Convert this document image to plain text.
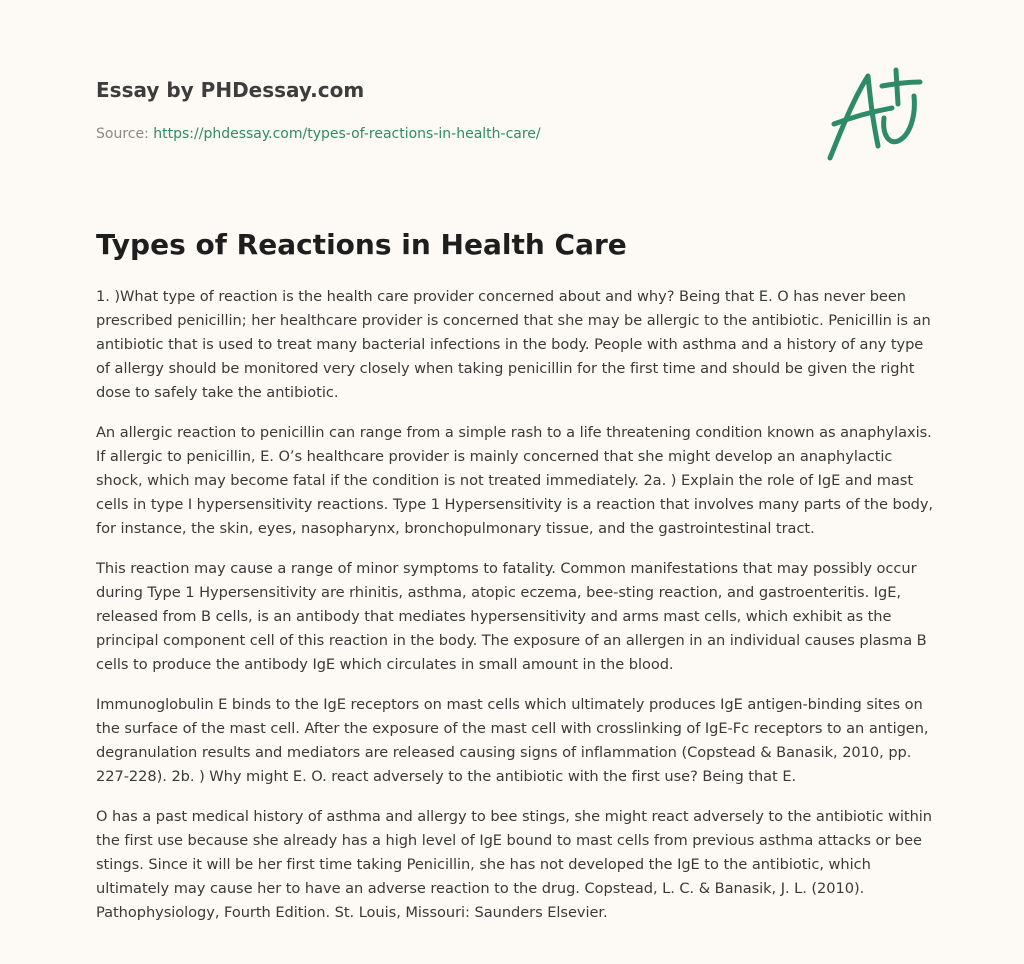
Essay by PHDessay.com
Source: https://phdessay.com/types-of-reactions-in-health-care/
Types of Reactions in Health Care

1. )What type of reaction is the health care provider concerned about and why? Being that E. O has never been prescribed penicillin; her healthcare provider is concerned that she may be allergic to the antibiotic. Penicillin is an antibiotic that is used to treat many bacterial infections in the body. People with asthma and a history of any type of allergy should be monitored very closely when taking penicillin for the first time and should be given the right dose to safely take the antibiotic.

An allergic reaction to penicillin can range from a simple rash to a life threatening condition known as anaphylaxis. If allergic to penicillin, E. O’s healthcare provider is mainly concerned that she might develop an anaphylactic shock, which may become fatal if the condition is not treated immediately. 2a. ) Explain the role of IgE and mast cells in type I hypersensitivity reactions. Type 1 Hypersensitivity is a reaction that involves many parts of the body, for instance, the skin, eyes, nasopharynx, bronchopulmonary tissue, and the gastrointestinal tract.

This reaction may cause a range of minor symptoms to fatality. Common manifestations that may possibly occur during Type 1 Hypersensitivity are rhinitis, asthma, atopic eczema, bee-sting reaction, and gastroenteritis. IgE, released from B cells, is an antibody that mediates hypersensitivity and arms mast cells, which exhibit as the principal component cell of this reaction in the body. The exposure of an allergen in an individual causes plasma B cells to produce the antibody IgE which circulates in small amount in the blood.

Immunoglobulin E binds to the IgE receptors on mast cells which ultimately produces IgE antigen-binding sites on the surface of the mast cell. After the exposure of the mast cell with crosslinking of IgE-Fc receptors to an antigen, degranulation results and mediators are released causing signs of inflammation (Copstead & Banasik, 2010, pp. 227-228). 2b. ) Why might E. O. react adversely to the antibiotic with the first use? Being that E.

O has a past medical history of asthma and allergy to bee stings, she might react adversely to the antibiotic within the first use because she already has a high level of IgE bound to mast cells from previous asthma attacks or bee stings. Since it will be her first time taking Penicillin, she has not developed the IgE to the antibiotic, which ultimately may cause her to have an adverse reaction to the drug. Copstead, L. C. & Banasik, J. L. (2010). Pathophysiology, Fourth Edition. St. Louis, Missouri: Saunders Elsevier.
